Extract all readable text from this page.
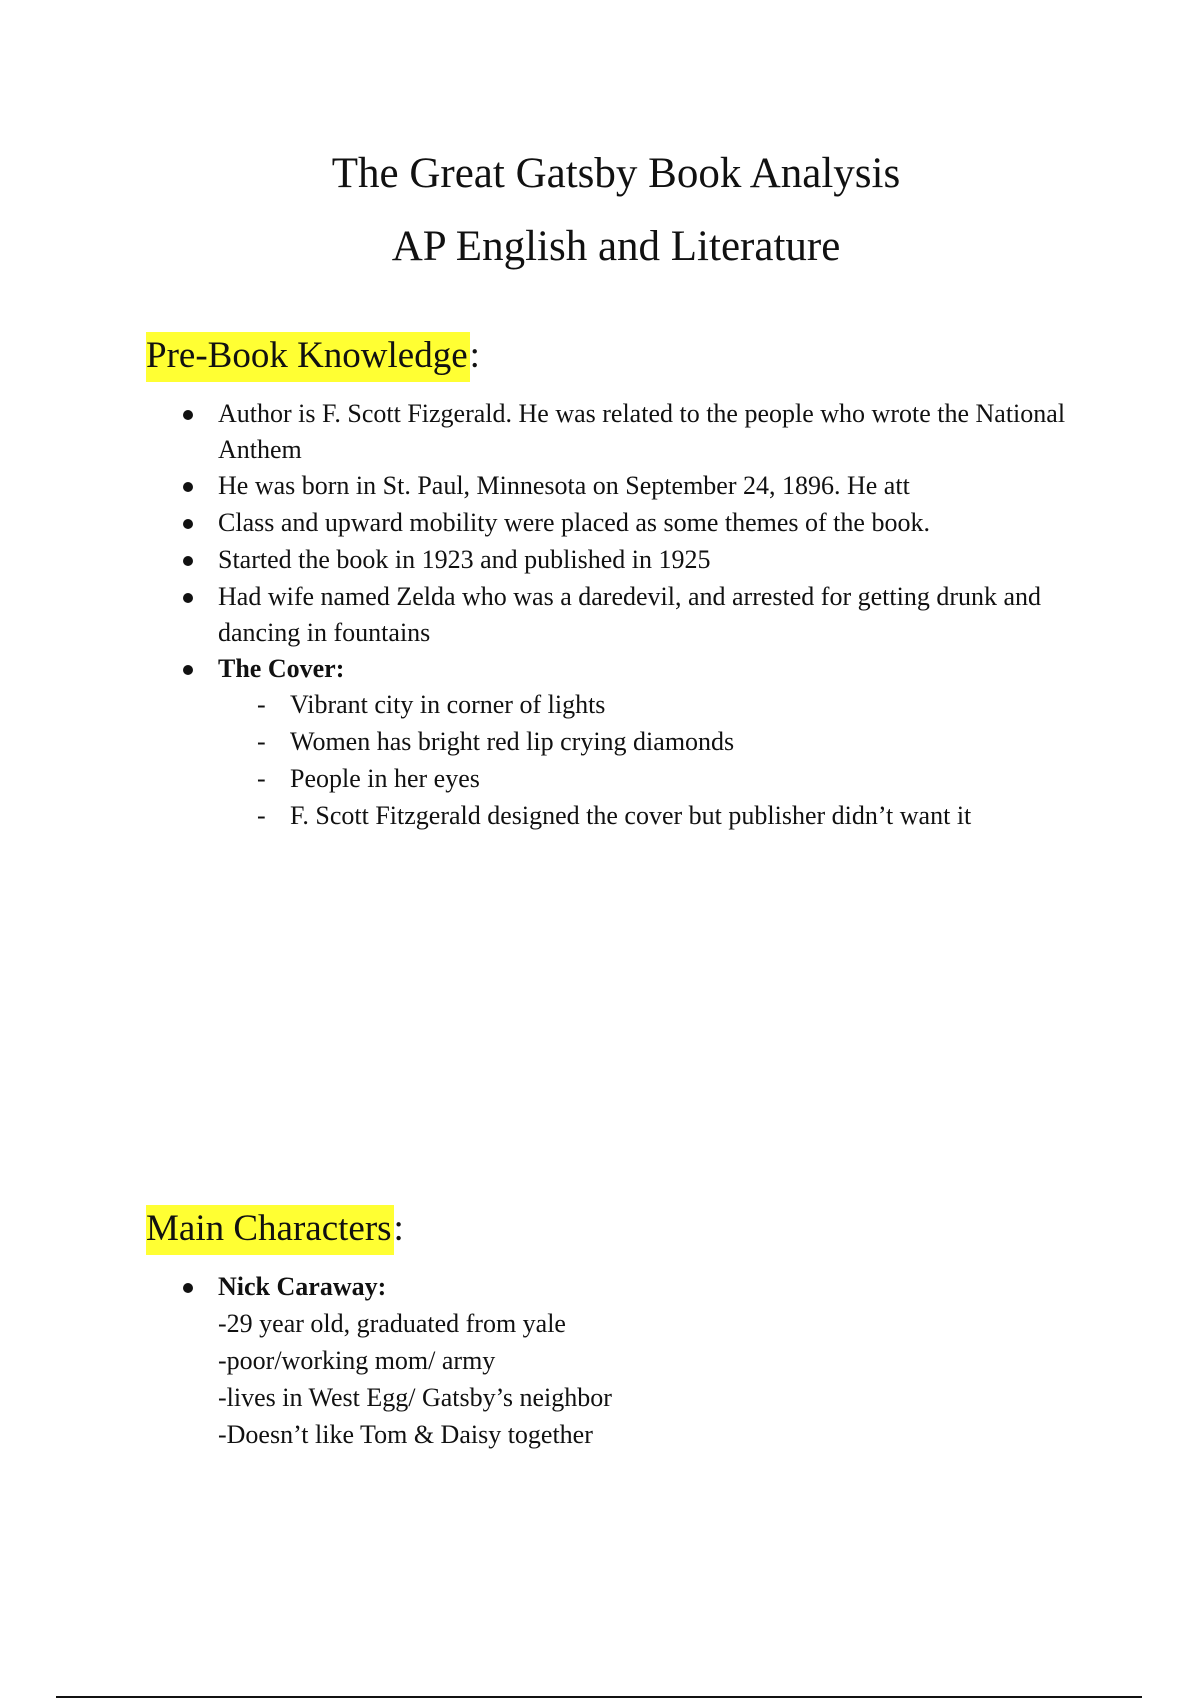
The Great Gatsby Book Analysis
AP English and Literature
Pre-Book Knowledge:
Author is F. Scott Fizgerald. He was related to the people who wrote the National Anthem
He was born in St. Paul, Minnesota on September 24, 1896. He att
Class and upward mobility were placed as some themes of the book.
Started the book in 1923 and published in 1925
Had wife named Zelda who was a daredevil, and arrested for getting drunk and dancing in fountains
The Cover:
- Vibrant city in corner of lights
- Women has bright red lip crying diamonds
- People in her eyes
- F. Scott Fitzgerald designed the cover but publisher didn’t want it
Main Characters:
Nick Caraway:
-29 year old, graduated from yale
-poor/working mom/ army
-lives in West Egg/ Gatsby’s neighbor
-Doesn’t like Tom & Daisy together
